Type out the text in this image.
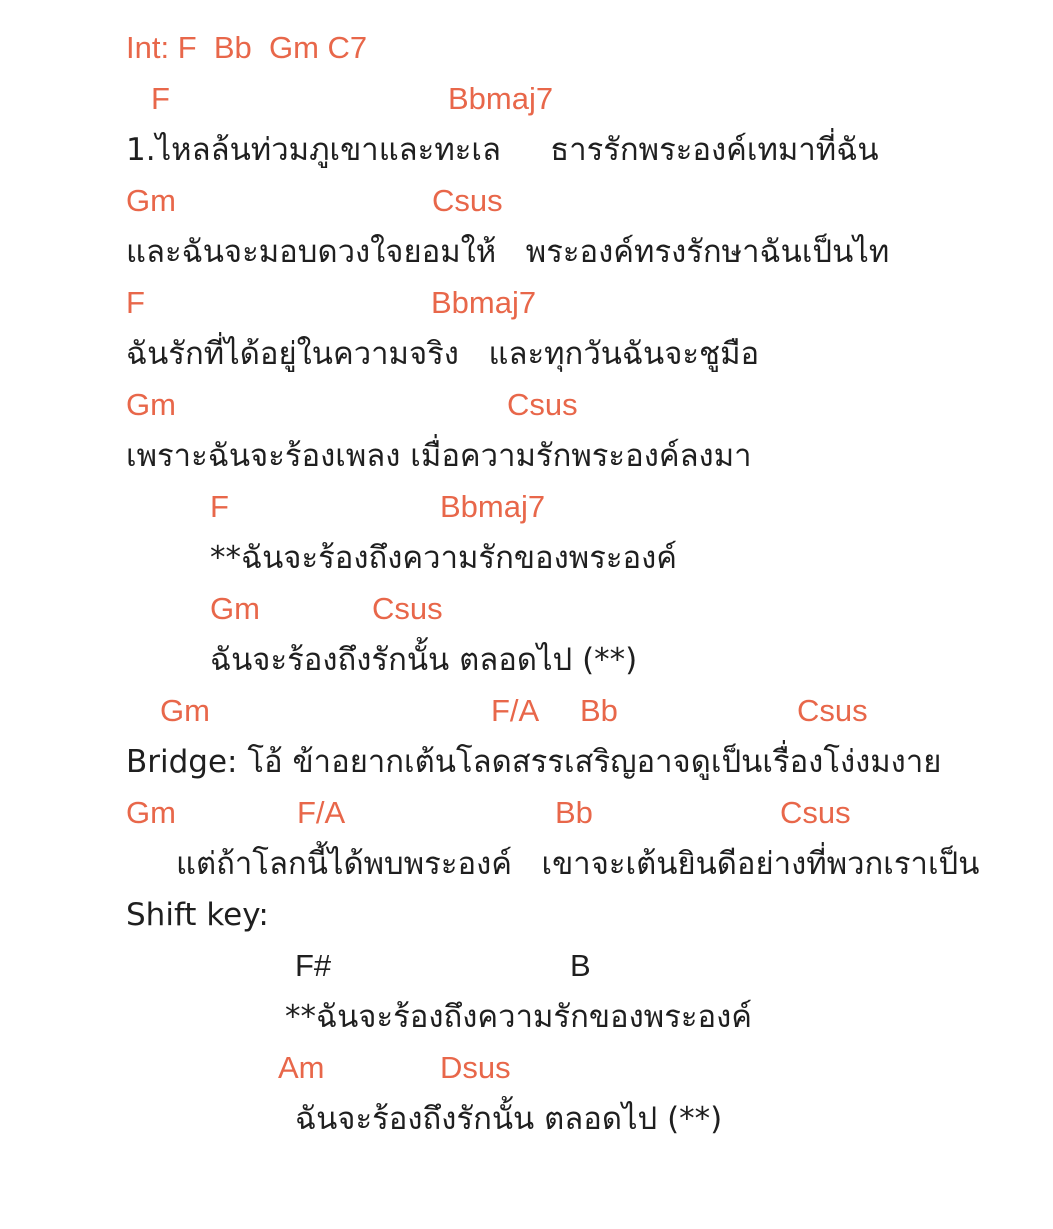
Int: F  Bb  Gm C7

F

	Bbmaj7

1.ไหลล้นท่วมภูเขาและทะเล     ธารรักพระองค์เทมาที่ฉัน

Gm

	Csus

และฉันจะมอบดวงใจยอมให้   พระองค์ทรงรักษาฉันเป็นไท

F

	Bbmaj7

ฉันรักที่ได้อยู่ในความจริง   และทุกวันฉันจะชูมือ

Gm

	Csus

เพราะฉันจะร้องเพลง เมื่อความรักพระองค์ลงมา

F

	Bbmaj7

**ฉันจะร้องถึงความรักของพระองค์

Gm

	Csus

ฉันจะร้องถึงรักนั้น ตลอดไป (**)

Gm

	F/A

Bb

	Csus

Bridge: โอ้ ข้าอยากเต้นโลดสรรเสริญอาจดูเป็นเรื่องโง่งมงาย

Gm

	F/A

	Bb

	Csus

แต่ถ้าโลกนี้ได้พบพระองค์   เขาจะเต้นยินดีอย่างที่พวกเราเป็น

Shift key:

F#

	B

**ฉันจะร้องถึงความรักของพระองค์

Am

	Dsus

ฉันจะร้องถึงรักนั้น ตลอดไป (**)
